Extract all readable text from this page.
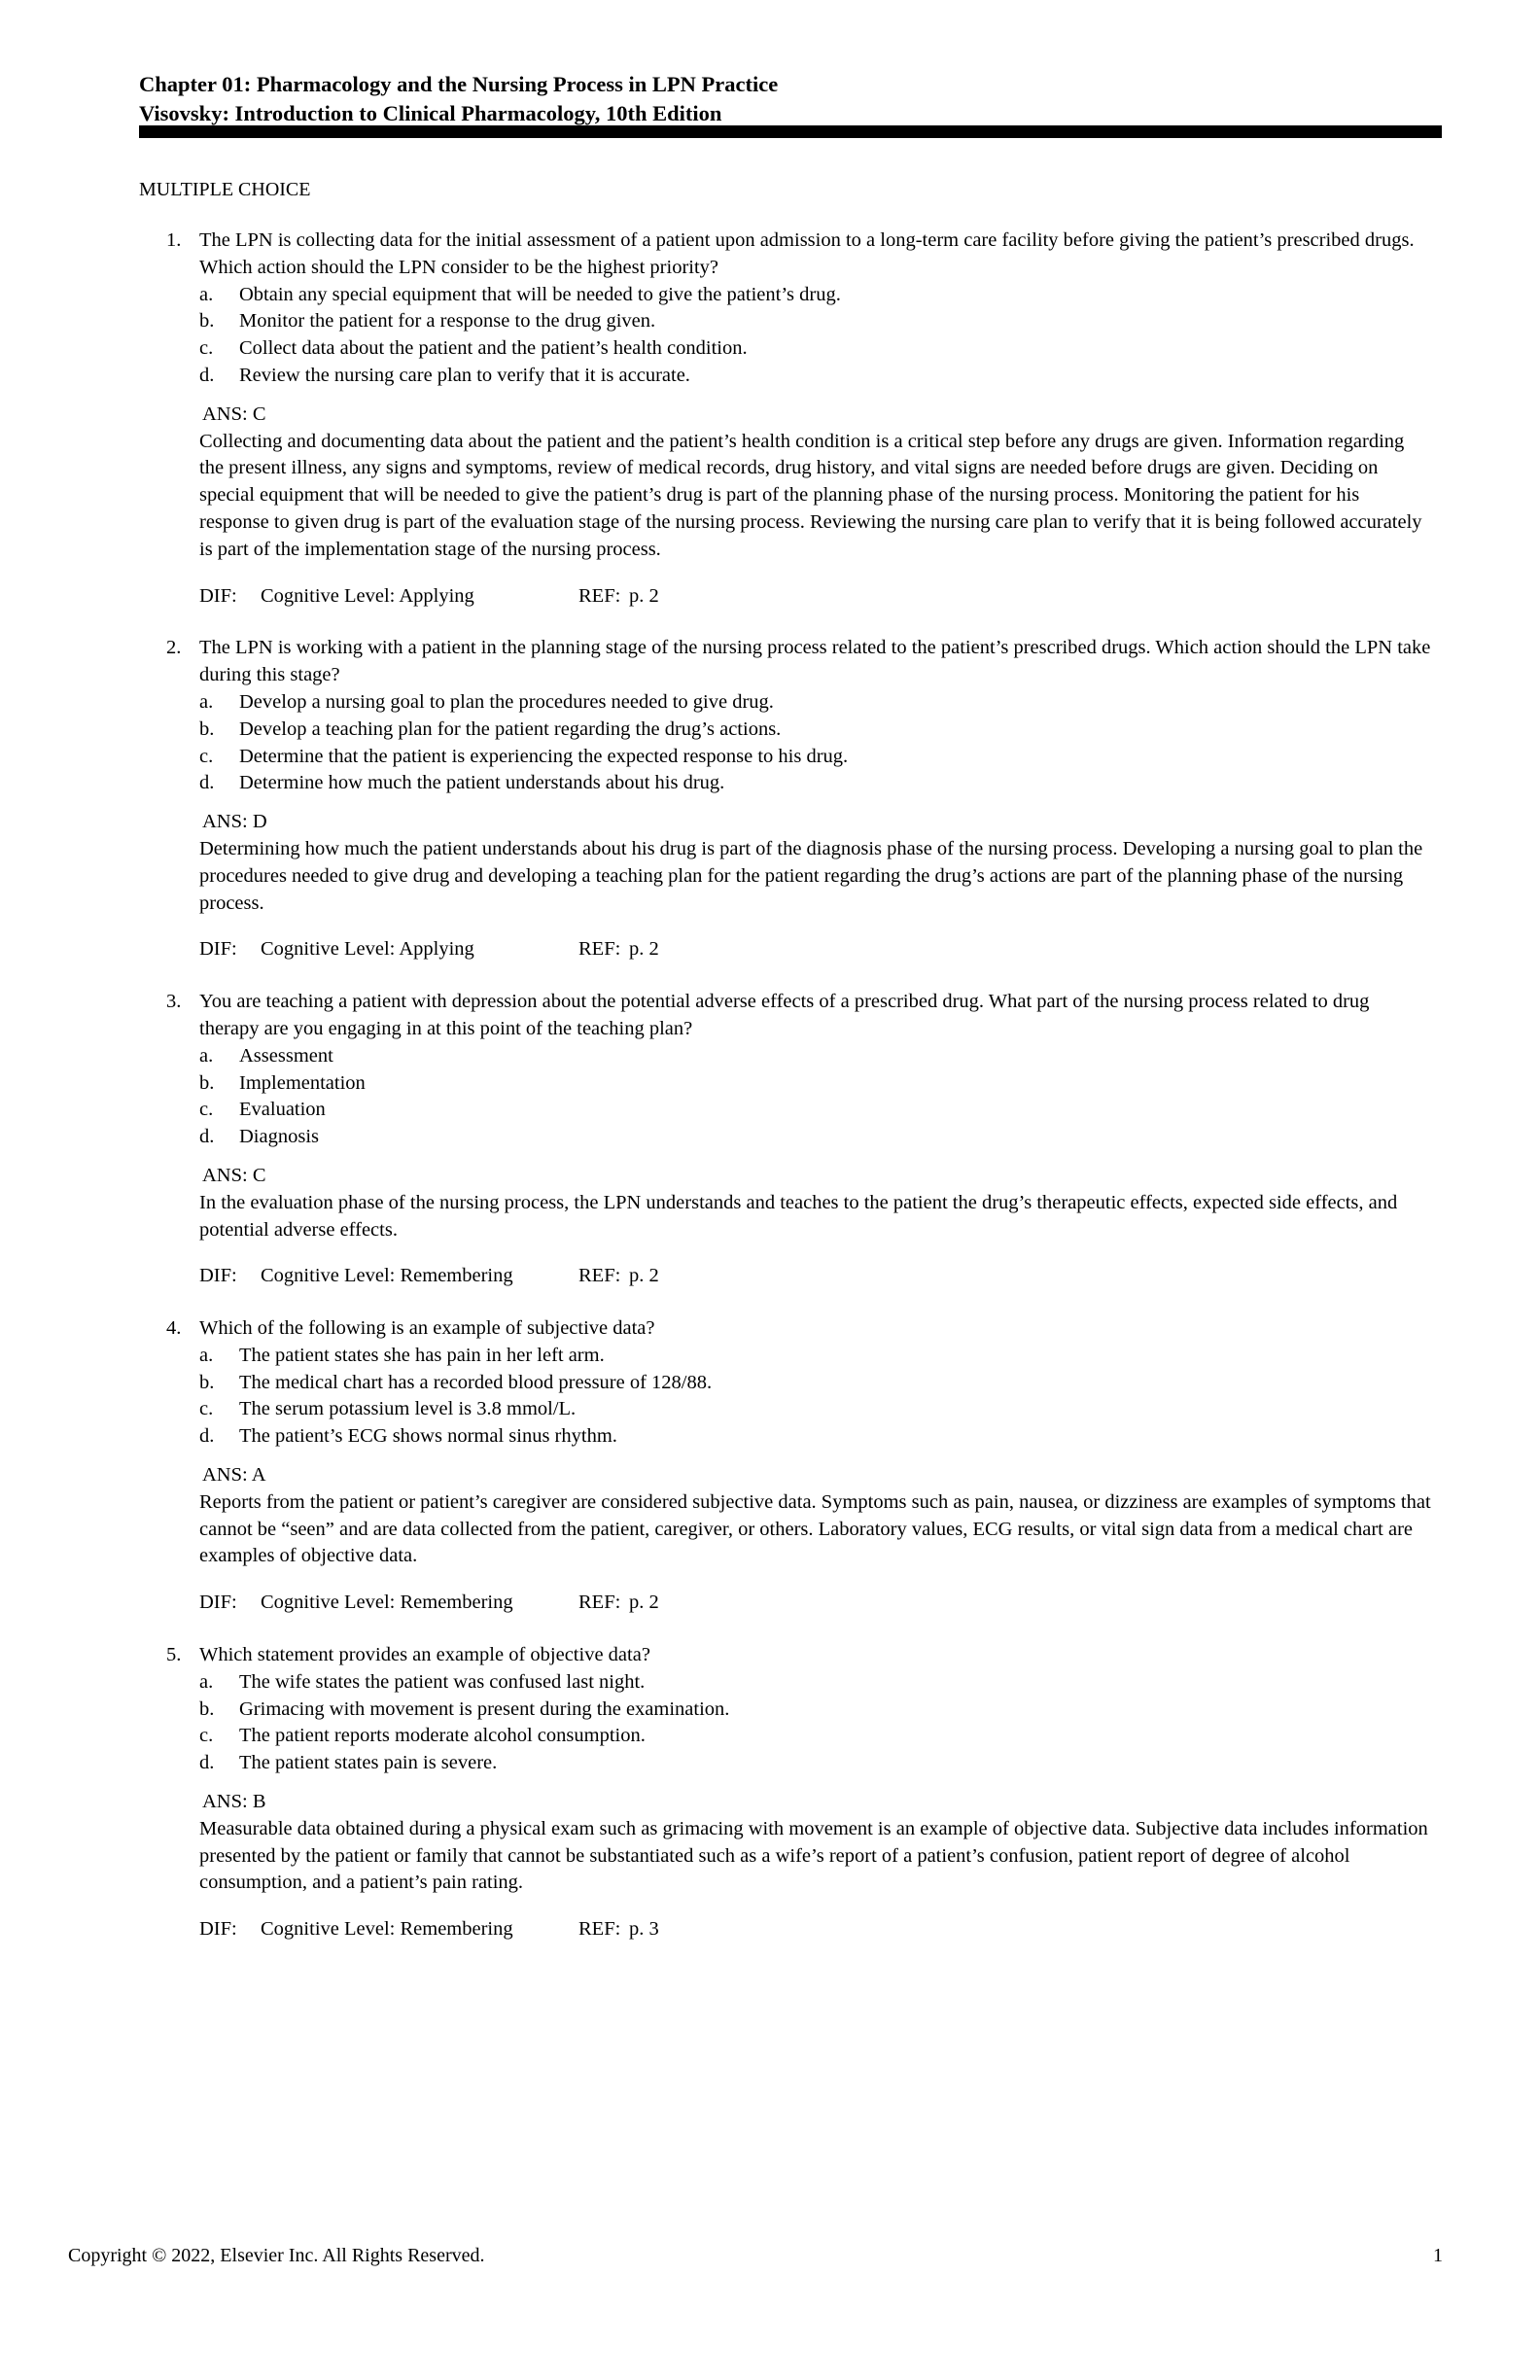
Chapter 01: Pharmacology and the Nursing Process in LPN Practice
Visovsky: Introduction to Clinical Pharmacology, 10th Edition
MULTIPLE CHOICE
1. The LPN is collecting data for the initial assessment of a patient upon admission to a long-term care facility before giving the patient’s prescribed drugs. Which action should the LPN consider to be the highest priority?

a. Obtain any special equipment that will be needed to give the patient’s drug.
b. Monitor the patient for a response to the drug given.
c. Collect data about the patient and the patient’s health condition.
d. Review the nursing care plan to verify that it is accurate.
ANS: C

Collecting and documenting data about the patient and the patient’s health condition is a critical step before any drugs are given. Information regarding the present illness, any signs and symptoms, review of medical records, drug history, and vital signs are needed before drugs are given. Deciding on special equipment that will be needed to give the patient’s drug is part of the planning phase of the nursing process. Monitoring the patient for his response to given drug is part of the evaluation stage of the nursing process. Reviewing the nursing care plan to verify that it is being followed accurately is part of the implementation stage of the nursing process.

DIF: Cognitive Level: Applying	REF: p. 2
2. The LPN is working with a patient in the planning stage of the nursing process related to the patient’s prescribed drugs. Which action should the LPN take during this stage?

a. Develop a nursing goal to plan the procedures needed to give drug.
b. Develop a teaching plan for the patient regarding the drug’s actions.
c. Determine that the patient is experiencing the expected response to his drug.
d. Determine how much the patient understands about his drug.
ANS: D

Determining how much the patient understands about his drug is part of the diagnosis phase of the nursing process. Developing a nursing goal to plan the procedures needed to give drug and developing a teaching plan for the patient regarding the drug’s actions are part of the planning phase of the nursing process.

DIF: Cognitive Level: Applying	REF: p. 2
3. You are teaching a patient with depression about the potential adverse effects of a prescribed drug. What part of the nursing process related to drug therapy are you engaging in at this point of the teaching plan?

a. Assessment
b. Implementation
c. Evaluation
d. Diagnosis
ANS: C

In the evaluation phase of the nursing process, the LPN understands and teaches to the patient the drug’s therapeutic effects, expected side effects, and potential adverse effects.

DIF: Cognitive Level: Remembering	REF: p. 2
4. Which of the following is an example of subjective data?

a. The patient states she has pain in her left arm.
b. The medical chart has a recorded blood pressure of 128/88.
c. The serum potassium level is 3.8 mmol/L.
d. The patient’s ECG shows normal sinus rhythm.
ANS: A

Reports from the patient or patient’s caregiver are considered subjective data. Symptoms such as pain, nausea, or dizziness are examples of symptoms that cannot be “seen” and are data collected from the patient, caregiver, or others. Laboratory values, ECG results, or vital sign data from a medical chart are examples of objective data.

DIF: Cognitive Level: Remembering	REF: p. 2
5. Which statement provides an example of objective data?

a. The wife states the patient was confused last night.
b. Grimacing with movement is present during the examination.
c. The patient reports moderate alcohol consumption.
d. The patient states pain is severe.
ANS: B

Measurable data obtained during a physical exam such as grimacing with movement is an example of objective data. Subjective data includes information presented by the patient or family that cannot be substantiated such as a wife’s report of a patient’s confusion, patient report of degree of alcohol consumption, and a patient’s pain rating.

DIF: Cognitive Level: Remembering	REF: p. 3
Copyright © 2022, Elsevier Inc. All Rights Reserved.	1
